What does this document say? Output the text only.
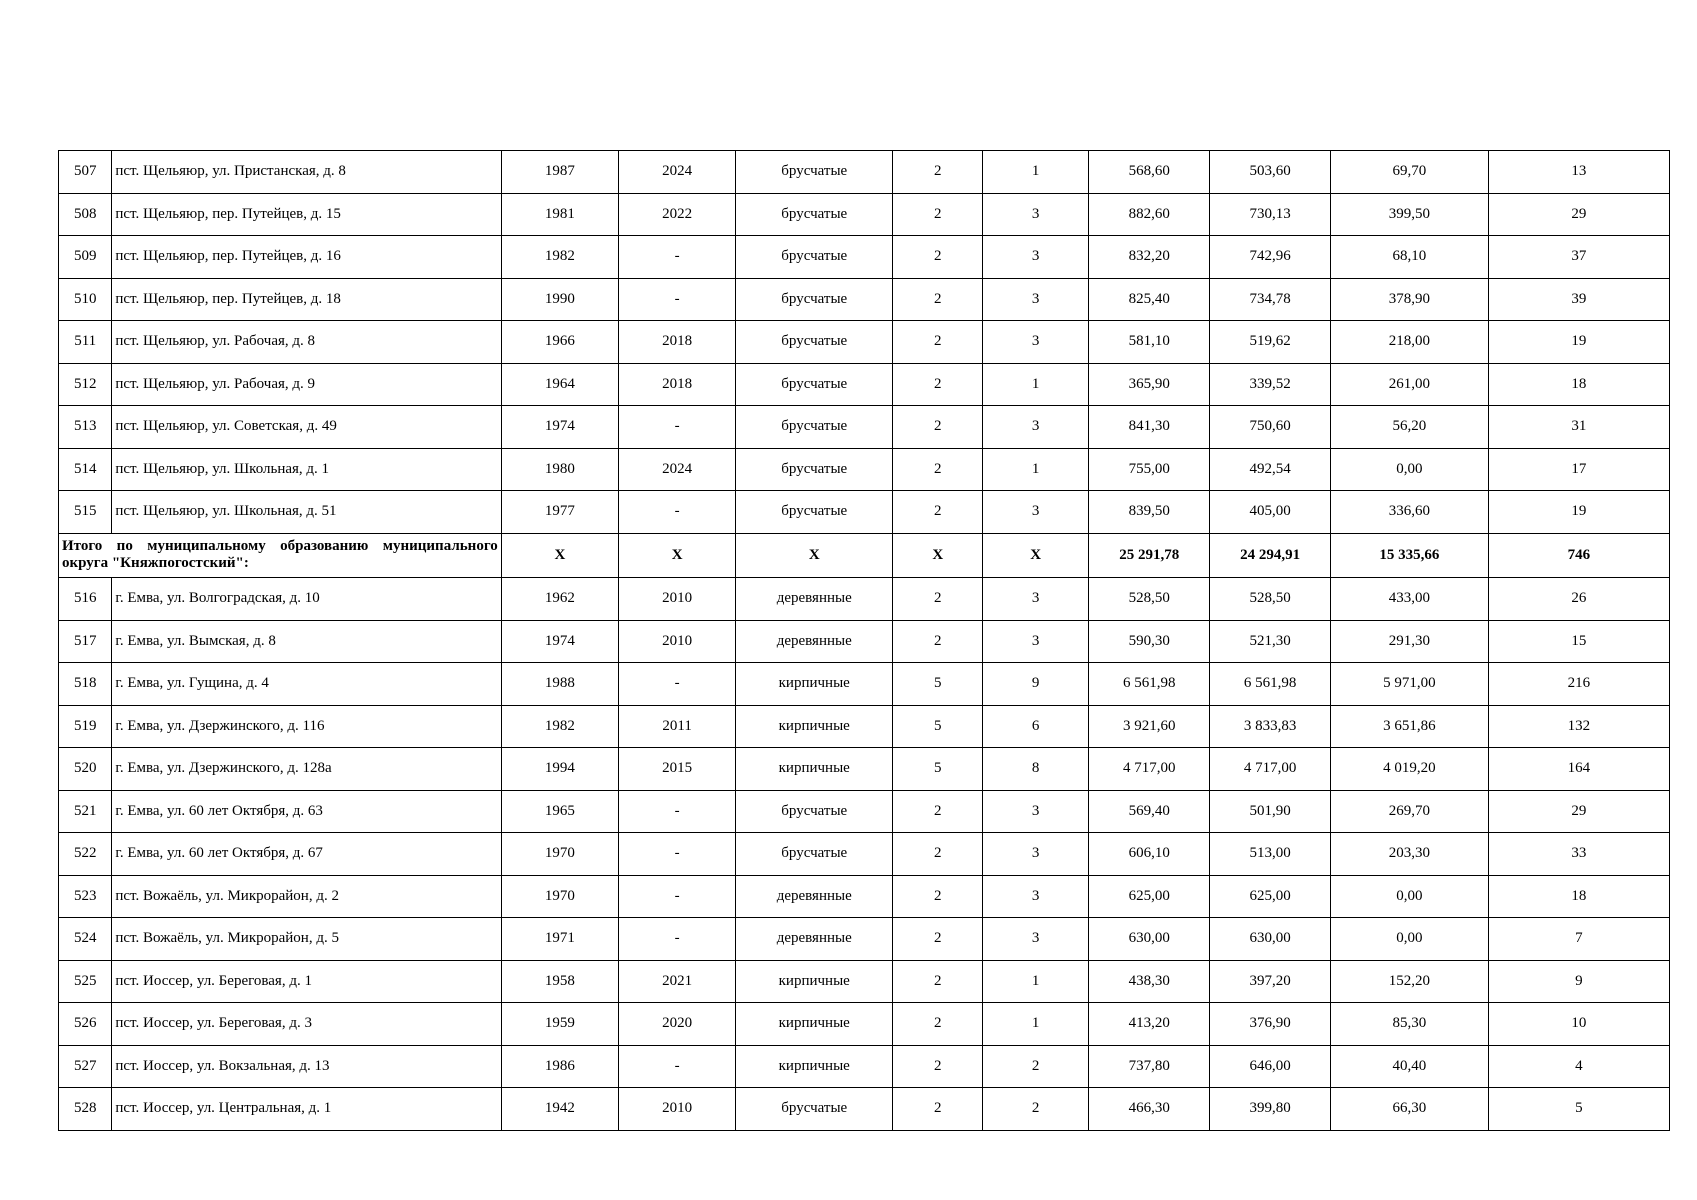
507	пст. Щельяюр, ул. Пристанская, д. 8	1987	2024	брусчатые	2	1	568,60	503,60	69,70	13
508	пст. Щельяюр, пер. Путейцев, д. 15	1981	2022	брусчатые	2	3	882,60	730,13	399,50	29
509	пст. Щельяюр, пер. Путейцев, д. 16	1982	-	брусчатые	2	3	832,20	742,96	68,10	37
510	пст. Щельяюр, пер. Путейцев, д. 18	1990	-	брусчатые	2	3	825,40	734,78	378,90	39
511	пст. Щельяюр, ул. Рабочая, д. 8	1966	2018	брусчатые	2	3	581,10	519,62	218,00	19
512	пст. Щельяюр, ул. Рабочая, д. 9	1964	2018	брусчатые	2	1	365,90	339,52	261,00	18
513	пст. Щельяюр, ул. Советская, д. 49	1974	-	брусчатые	2	3	841,30	750,60	56,20	31
514	пст. Щельяюр, ул. Школьная, д. 1	1980	2024	брусчатые	2	1	755,00	492,54	0,00	17
515	пст. Щельяюр, ул. Школьная, д. 51	1977	-	брусчатые	2	3	839,50	405,00	336,60	19
Итого по муниципальному образованию муниципального округа "Княжпогостский":		X	X	X	X	X	25 291,78	24 294,91	15 335,66	746
516	г. Емва, ул. Волгоградская, д. 10	1962	2010	деревянные	2	3	528,50	528,50	433,00	26
517	г. Емва, ул. Вымская, д. 8	1974	2010	деревянные	2	3	590,30	521,30	291,30	15
518	г. Емва, ул. Гущина, д. 4	1988	-	кирпичные	5	9	6 561,98	6 561,98	5 971,00	216
519	г. Емва, ул. Дзержинского, д. 116	1982	2011	кирпичные	5	6	3 921,60	3 833,83	3 651,86	132
520	г. Емва, ул. Дзержинского, д. 128а	1994	2015	кирпичные	5	8	4 717,00	4 717,00	4 019,20	164
521	г. Емва, ул. 60 лет Октября, д. 63	1965	-	брусчатые	2	3	569,40	501,90	269,70	29
522	г. Емва, ул. 60 лет Октября, д. 67	1970	-	брусчатые	2	3	606,10	513,00	203,30	33
523	пст. Вожаёль, ул. Микрорайон, д. 2	1970	-	деревянные	2	3	625,00	625,00	0,00	18
524	пст. Вожаёль, ул. Микрорайон, д. 5	1971	-	деревянные	2	3	630,00	630,00	0,00	7
525	пст. Иоссер, ул. Береговая, д. 1	1958	2021	кирпичные	2	1	438,30	397,20	152,20	9
526	пст. Иоссер, ул. Береговая, д. 3	1959	2020	кирпичные	2	1	413,20	376,90	85,30	10
527	пст. Иоссер, ул. Вокзальная, д. 13	1986	-	кирпичные	2	2	737,80	646,00	40,40	4
528	пст. Иоссер, ул. Центральная, д. 1	1942	2010	брусчатые	2	2	466,30	399,80	66,30	5
